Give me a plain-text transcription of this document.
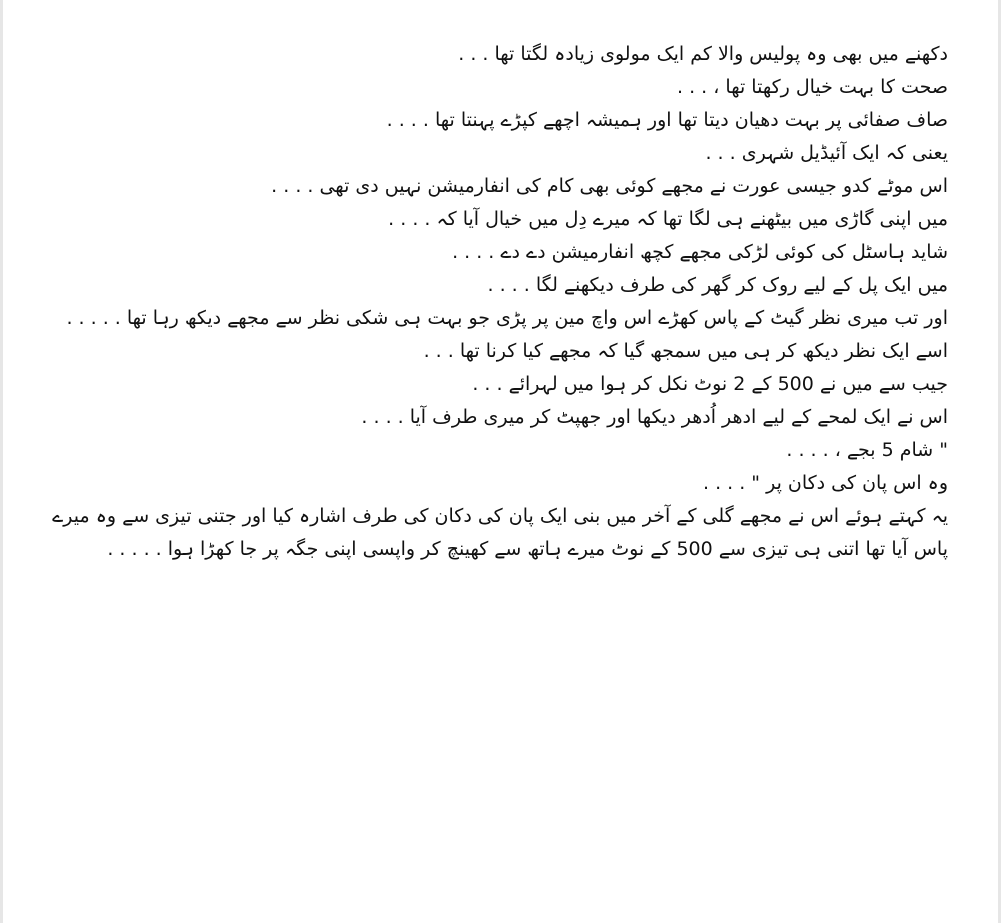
دکھنے میں بھی وہ پولیس والا کم ایک مولوی زیادہ لگتا تھا . . .

صحت کا بہت خیال رکھتا تھا ، . . .

صاف صفائی پر بہت دھیان دیتا تھا اور ہمیشہ اچھے کپڑے پہنتا تھا . . . .

یعنی کہ ایک آئیڈیل شہری . . .

اس موٹے کدو جیسی عورت نے مجھے کوئی بھی کام کی انفارمیشن نہیں دی تھی . . . .

میں اپنی گاڑی میں بیٹھنے ہی لگا تھا کہ میرے دِل میں خیال آیا کہ . . . .

شاید ہاسٹل کی کوئی لڑکی مجھے کچھ انفارمیشن دے دے . . . .

میں ایک پل کے لیے روک کر گھر کی طرف دیکھنے لگا . . . .

اور تب میری نظر گیٹ کے پاس کھڑے اس واچ مین پر پڑی جو بہت ہی شکی نظر سے مجھے دیکھ رہا تھا . . . . .

اسے ایک نظر دیکھ کر ہی میں سمجھ گیا کہ مجھے کیا کرنا تھا . . .

جیب سے میں نے 500 کے 2 نوٹ نکل کر ہوا میں لہرائے . . .

اس نے ایک لمحے کے لیے ادھر اُدھر دیکھا اور جھپٹ کر میری طرف آیا . . . .

" شام 5 بجے ، . . . .

وہ اس پان کی دکان پر " . . . .

یہ کہتے ہوئے اس نے مجھے گلی کے آخر میں بنی ایک پان کی دکان کی طرف اشارہ کیا اور جتنی تیزی سے وہ میرے پاس آیا تھا اتنی ہی تیزی سے 500 کے نوٹ میرے ہاتھ سے کھینچ کر واپسی اپنی جگہ پر جا کھڑا ہوا . . . . .
